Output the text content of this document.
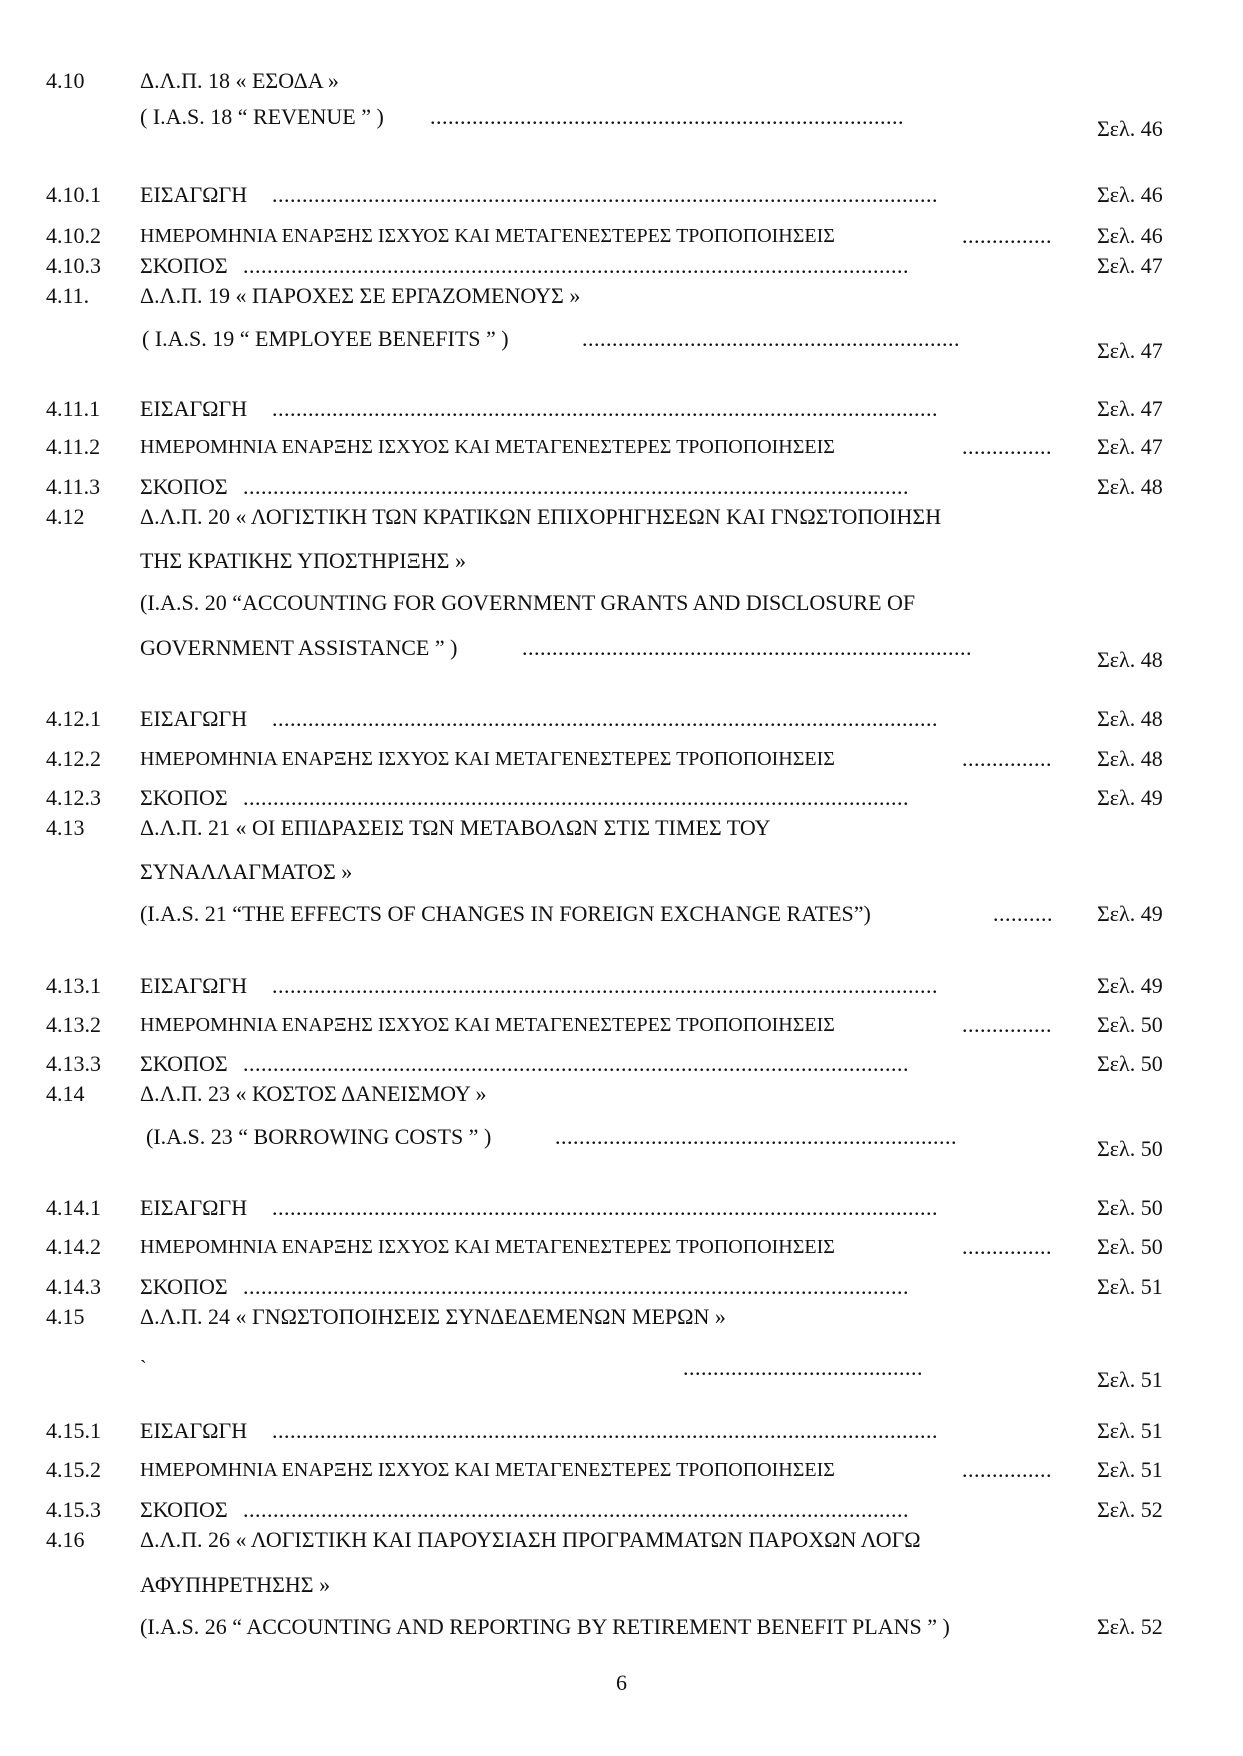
4.10	Δ.Λ.Π. 18 « ΕΣΟΔΑ »
( I.A.S. 18 “ REVENUE ” ) ...............................................................................	Σελ. 46
4.10.1 ΕΙΣΑΓΩΓΗ ...............................................................................................................	Σελ. 46
4.10.2 ΗΜΕΡΟΜΗΝΙΑ ΕΝΑΡΞΗΣ ΙΣΧΥΟΣ ΚΑΙ ΜΕΤΑΓΕΝΕΣΤΕΡΕΣ ΤΡΟΠΟΠΟΙΗΣΕΙΣ	...............	Σελ. 46
4.10.3 ΣΚΟΠΟΣ ...............................................................................................................	Σελ. 47
4.11. Δ.Λ.Π. 19 « ΠΑΡΟΧΕΣ ΣΕ ΕΡΓΑΖΟΜΕΝΟΥΣ »
( I.A.S. 19 “ EMPLOYEE BENEFITS ” )	...............................................................	Σελ. 47
4.11.1 ΕΙΣΑΓΩΓΗ ...............................................................................................................	Σελ. 47
4.11.2 ΗΜΕΡΟΜΗΝΙΑ ΕΝΑΡΞΗΣ ΙΣΧΥΟΣ ΚΑΙ ΜΕΤΑΓΕΝΕΣΤΕΡΕΣ ΤΡΟΠΟΠΟΙΗΣΕΙΣ	...............	Σελ. 47
4.11.3 ΣΚΟΠΟΣ ...............................................................................................................	Σελ. 48
4.12	Δ.Λ.Π. 20 « ΛΟΓΙΣΤΙΚΗ ΤΩΝ ΚΡΑΤΙΚΩΝ ΕΠΙΧΟΡΗΓΗΣΕΩΝ ΚΑΙ ΓΝΩΣΤΟΠΟΙΗΣΗ
ΤΗΣ ΚΡΑΤΙΚΗΣ ΥΠΟΣΤΗΡΙΞΗΣ »
(I.A.S. 20 “ACCOUNTING FOR GOVERNMENT GRANTS AND DISCLOSURE OF
GOVERNMENT ASSISTANCE ” )	...........................................................................	Σελ. 48
4.12.1 ΕΙΣΑΓΩΓΗ ...............................................................................................................	Σελ. 48
4.12.2 ΗΜΕΡΟΜΗΝΙΑ ΕΝΑΡΞΗΣ ΙΣΧΥΟΣ ΚΑΙ ΜΕΤΑΓΕΝΕΣΤΕΡΕΣ ΤΡΟΠΟΠΟΙΗΣΕΙΣ	...............	Σελ. 48
4.12.3 ΣΚΟΠΟΣ ...............................................................................................................	Σελ. 49
4.13	Δ.Λ.Π. 21 « ΟΙ ΕΠΙΔΡΑΣΕΙΣ ΤΩΝ ΜΕΤΑΒΟΛΩΝ ΣΤΙΣ ΤΙΜΕΣ ΤΟΥ
ΣΥΝΑΛΛΑΓΜΑΤΟΣ »
(I.A.S. 21 “THE EFFECTS OF CHANGES IN FOREIGN EXCHANGE RATES”)	..........	Σελ. 49
4.13.1 ΕΙΣΑΓΩΓΗ ...............................................................................................................	Σελ. 49
4.13.2 ΗΜΕΡΟΜΗΝΙΑ ΕΝΑΡΞΗΣ ΙΣΧΥΟΣ ΚΑΙ ΜΕΤΑΓΕΝΕΣΤΕΡΕΣ ΤΡΟΠΟΠΟΙΗΣΕΙΣ	...............	Σελ. 50
4.13.3 ΣΚΟΠΟΣ ...............................................................................................................	Σελ. 50
4.14	Δ.Λ.Π. 23 « ΚΟΣΤΟΣ ΔΑΝΕΙΣΜΟΥ »
(I.A.S. 23 “ BORROWING COSTS ” )	...................................................................	Σελ. 50
4.14.1 ΕΙΣΑΓΩΓΗ ...............................................................................................................	Σελ. 50
4.14.2 ΗΜΕΡΟΜΗΝΙΑ ΕΝΑΡΞΗΣ ΙΣΧΥΟΣ ΚΑΙ ΜΕΤΑΓΕΝΕΣΤΕΡΕΣ ΤΡΟΠΟΠΟΙΗΣΕΙΣ	...............	Σελ. 50
4.14.3 ΣΚΟΠΟΣ ...............................................................................................................	Σελ. 51
4.15	Δ.Λ.Π. 24 « ΓΝΩΣΤΟΠΟΙΗΣΕΙΣ ΣΥΝΔΕΔΕΜΕΝΩΝ ΜΕΡΩΝ »
`	........................................	Σελ. 51
4.15.1 ΕΙΣΑΓΩΓΗ ...............................................................................................................	Σελ. 51
4.15.2 ΗΜΕΡΟΜΗΝΙΑ ΕΝΑΡΞΗΣ ΙΣΧΥΟΣ ΚΑΙ ΜΕΤΑΓΕΝΕΣΤΕΡΕΣ ΤΡΟΠΟΠΟΙΗΣΕΙΣ	...............	Σελ. 51
4.15.3 ΣΚΟΠΟΣ ...............................................................................................................	Σελ. 52
4.16	Δ.Λ.Π. 26 « ΛΟΓΙΣΤΙΚΗ ΚΑΙ ΠΑΡΟΥΣΙΑΣΗ ΠΡΟΓΡΑΜΜΑΤΩΝ ΠΑΡΟΧΩΝ ΛΟΓΩ
ΑΦΥΠΗΡΕΤΗΣΗΣ »
(I.A.S. 26 “ ACCOUNTING AND REPORTING BY RETIREMENT BENEFIT PLANS ” )	Σελ. 52
6
